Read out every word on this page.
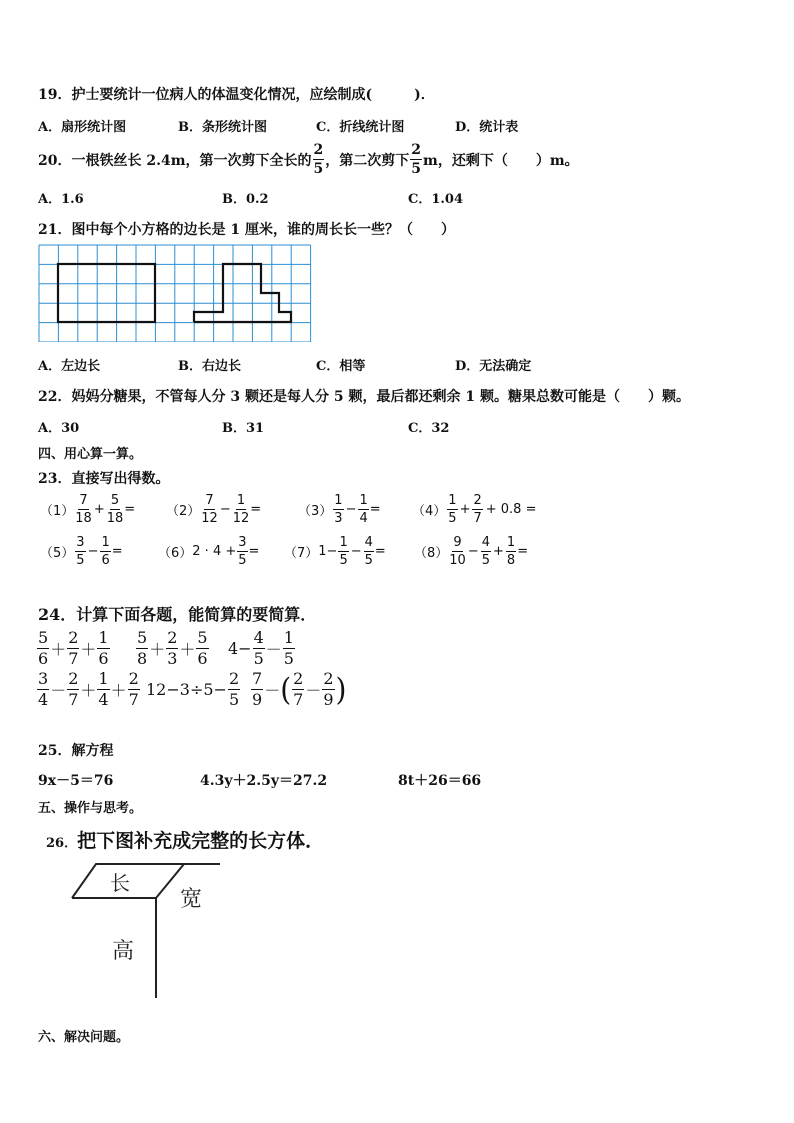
19．护士要统计一位病人的体温变化情况，应绘制成(　　　)．
A．扇形统计图	B．条形统计图	C．折线统计图	D．统计表
20．一根铁丝长 2.4m，第一次剪下全长的 $\frac{2}{5}$ ，第二次剪下 $\frac{2}{5}$ m，还剩下（　　）m。
A．1.6	B．0.2	C．1.04
21．图中每个小方格的边长是 1 厘米，谁的周长长一些？（　　）
A．左边长	B．右边长	C．相等	D．无法确定
22．妈妈分糖果，不管每人分 3 颗还是每人分 5 颗，最后都还剩余 1 颗。糖果总数可能是（　　）颗。
A．30	B．31	C．32
四、用心算一算。
23．直接写出得数。
$(1) \frac{7}{18} + \frac{5}{18} = (2) \frac{7}{12} - \frac{1}{12}$ =	$(3) \frac{1}{3} - \frac{1}{4} = (4) \frac{1}{5} + \frac{2}{7} + 0.8$ =
$(5) \frac{3}{5} - \frac{1}{6}$ =	（6） $2 \cdot 4 + \frac{3}{5} = (7)$ $1- \frac{1}{5} - \frac{4}{5} = (8) \frac{9}{10} - \frac{4}{5} + \frac{1}{8}$ =
24．计算下面各题，能简算的要简算．
$\frac{5}{6} + \frac{2}{7} + \frac{1}{6} \frac{5}{8} + \frac{2}{3} + \frac{5}{6} 4- \frac{4}{5} - \frac{1}{5}$
$\frac{3}{4} - \frac{2}{7} + \frac{1}{4} + \frac{2}{7} 12-3\div 5- \frac{2}{5} \frac{7}{9}$ － ( $\frac{2}{7} - \frac{2}{9}$ )
25．解方程
9x－5＝76	4.3y＋2.5y＝27.2	8t＋26＝66
五、操作与思考。
26． 把下图补充成完整的长方体．
长
宽
高
六、解决问题。
